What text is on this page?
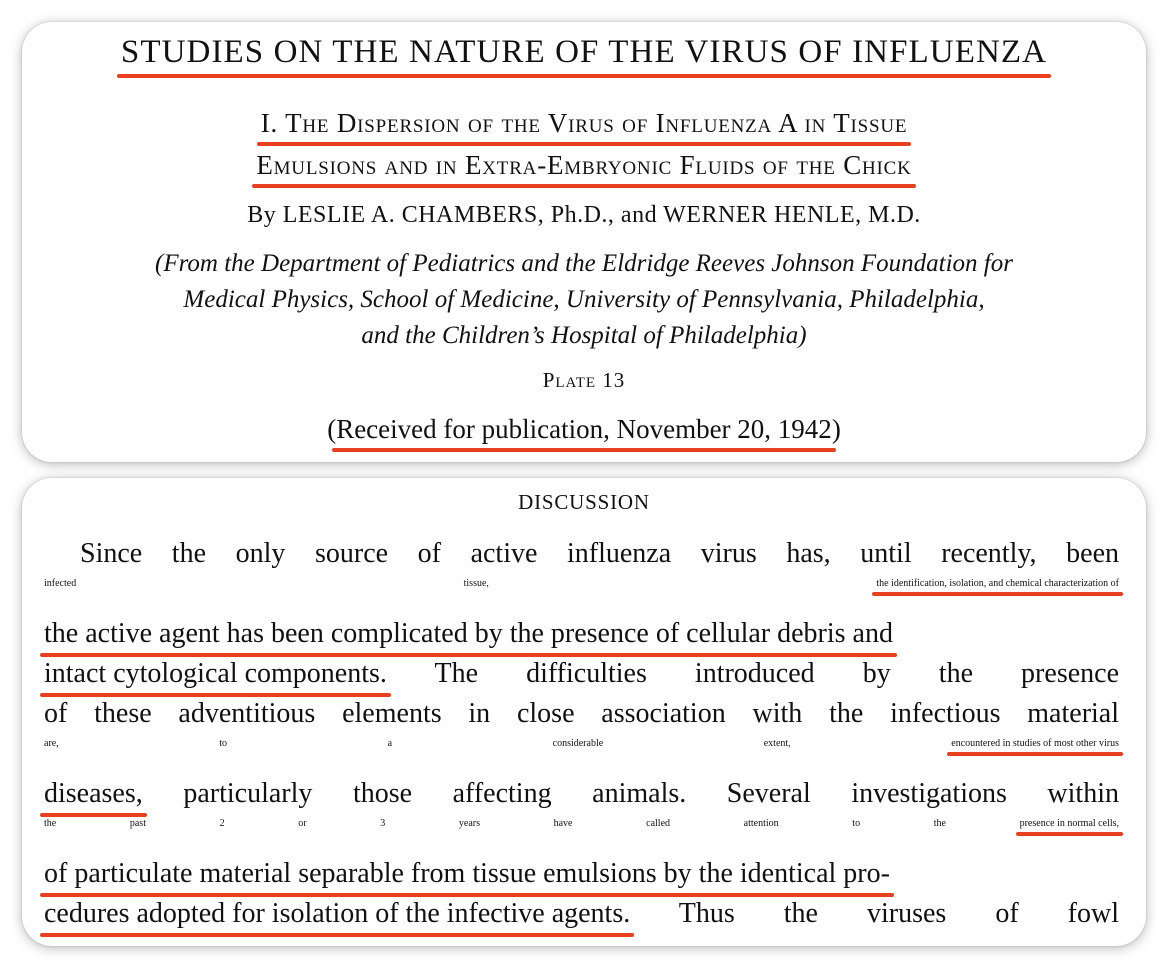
STUDIES ON THE NATURE OF THE VIRUS OF INFLUENZA
I. The Dispersion of the Virus of Influenza A in Tissue
Emulsions and in Extra-Embryonic Fluids of the Chick
By LESLIE A. CHAMBERS, Ph.D., and WERNER HENLE, M.D.
(From the Department of Pediatrics and the Eldridge Reeves Johnson Foundation for
Medical Physics, School of Medicine, University of Pennsylvania, Philadelphia,
and the Children’s Hospital of Philadelphia)
Plate 13
(Received for publication, November 20, 1942)
DISCUSSION
Since the only source of active influenza virus has, until recently, been
infected tissue,	the identification, isolation, and chemical characterization of
the active agent has been complicated by the presence of cellular debris and
intact cytological components. The difficulties introduced by the presence
of these adventitious elements in close association with the infectious material
are, to a considerable extent,	encountered in studies of most other virus
diseases, particularly those affecting animals. Several investigations within
the past 2 or 3 years have called attention to the	presence in normal cells,
of particulate material separable from tissue emulsions by the identical pro-
cedures adopted for isolation of the infective agents. Thus the viruses of fowl
